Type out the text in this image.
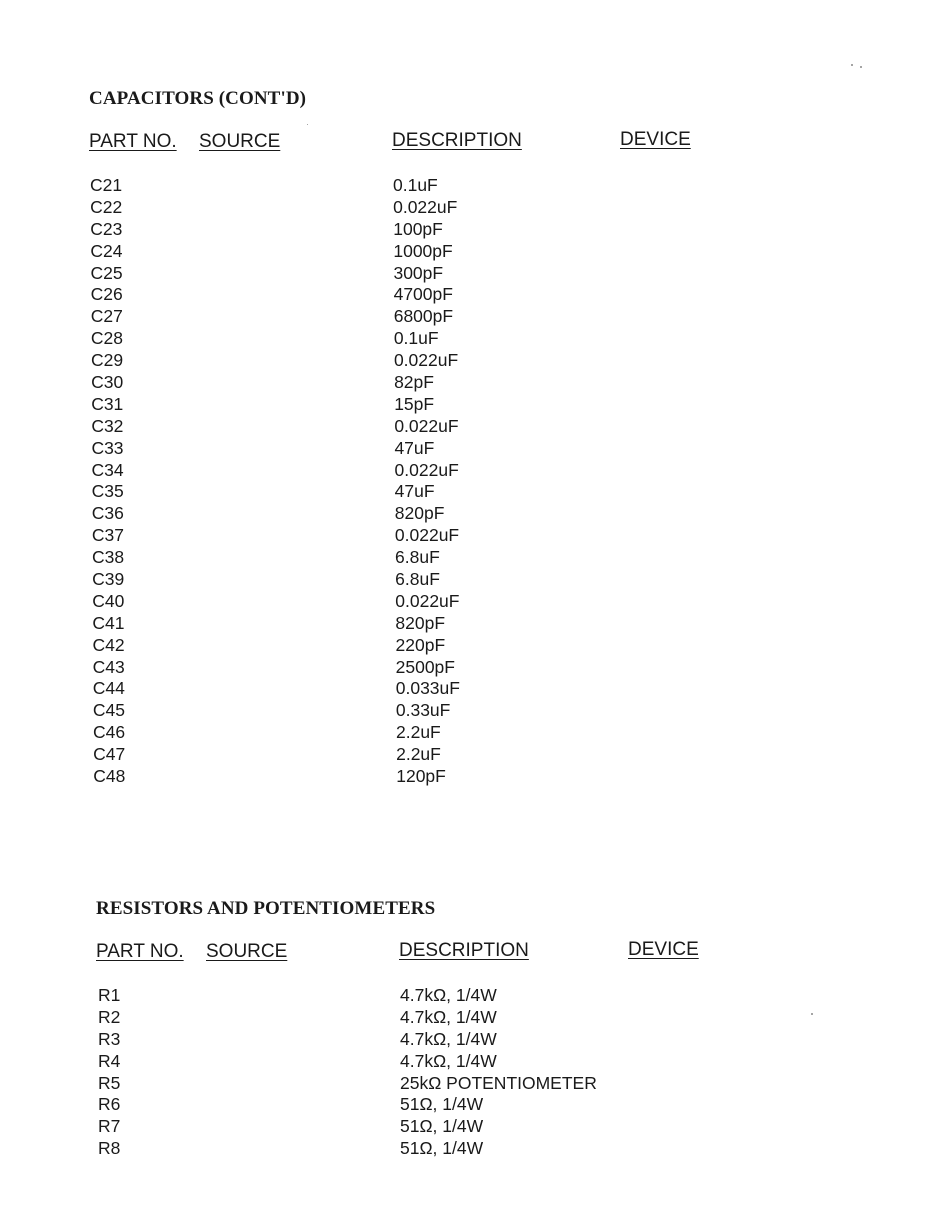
CAPACITORS (CONT'D)
PART NO. SOURCE	DESCRIPTION	DEVICE
C21	0.1uF
C22	0.022uF
C23	100pF
C24	1000pF
C25	300pF
C26	4700pF
C27	6800pF
C28	0.1uF
C29	0.022uF
C30	82pF
C31	15pF
C32	0.022uF
C33	47uF
C34	0.022uF
C35	47uF
C36	820pF
C37	0.022uF
C38	6.8uF
C39	6.8uF
C40	0.022uF
C41	820pF
C42	220pF
C43	2500pF
C44	0.033uF
C45	0.33uF
C46	2.2uF
C47	2.2uF
C48	120pF
RESISTORS AND POTENTIOMETERS
PART NO. SOURCE	DESCRIPTION	DEVICE
R1	4.7kΩ, 1/4W
R2	4.7kΩ, 1/4W
R3	4.7kΩ, 1/4W
R4	4.7kΩ, 1/4W
R5	25kΩ POTENTIOMETER
R6	51Ω, 1/4W
R7	51Ω, 1/4W
R8	51Ω, 1/4W
